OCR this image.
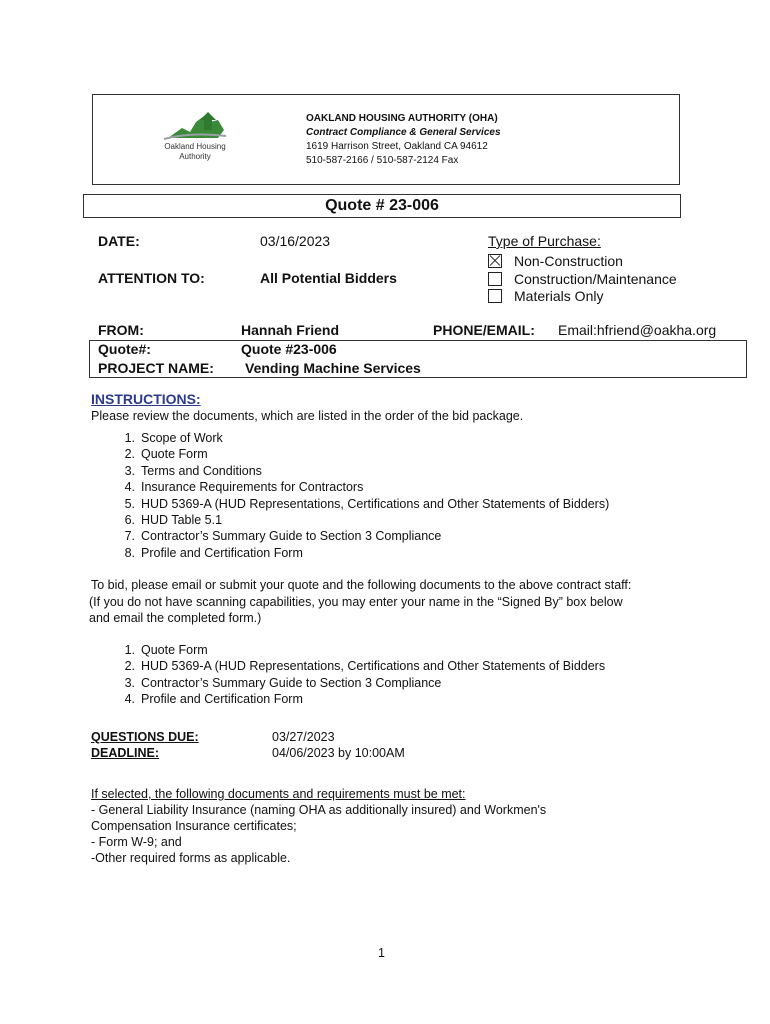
Oakland Housing
Authority
OAKLAND HOUSING AUTHORITY (OHA)
Contract Compliance & General Services
1619 Harrison Street, Oakland CA 94612
510-587-2166 / 510-587-2124 Fax
Quote # 23-006
DATE:	03/16/2023
ATTENTION TO:	All Potential Bidders
Type of Purchase:
Non-Construction
Construction/Maintenance
Materials Only
FROM:	Hannah Friend	PHONE/EMAIL: Email:hfriend@oakha.org
Quote#:	Quote #23-006
PROJECT NAME: Vending Machine Services
INSTRUCTIONS:
Please review the documents, which are listed in the order of the bid package.
1. Scope of Work
2. Quote Form
3. Terms and Conditions
4. Insurance Requirements for Contractors
5. HUD 5369-A (HUD Representations, Certifications and Other Statements of Bidders)
6. HUD Table 5.1
7. Contractor’s Summary Guide to Section 3 Compliance
8. Profile and Certification Form
To bid, please email or submit your quote and the following documents to the above contract staff:
(If you do not have scanning capabilities, you may enter your name in the “Signed By” box below
and email the completed form.)
1. Quote Form
2. HUD 5369-A (HUD Representations, Certifications and Other Statements of Bidders
3. Contractor’s Summary Guide to Section 3 Compliance
4. Profile and Certification Form
QUESTIONS DUE:	03/27/2023
DEADLINE:	04/06/2023 by 10:00AM
If selected, the following documents and requirements must be met:
- General Liability Insurance (naming OHA as additionally insured) and Workmen's
Compensation Insurance certificates;
- Form W-9; and
-Other required forms as applicable.
1
